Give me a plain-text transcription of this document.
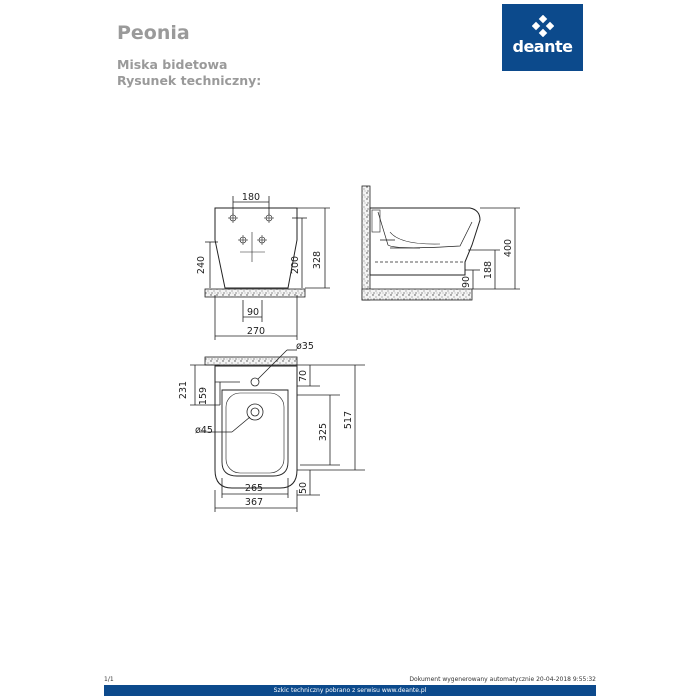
Peonia
Miska bidetowa
Rysunek techniczny:
deante
180
240	200 328
90
270
400
188
90
ø35
231 159
70
517
ø45	325
265	50
367
1/1	Dokument wygenerowany automatycznie 20-04-2018 9:55:32
Szkic techniczny pobrano z serwisu www.deante.pl
